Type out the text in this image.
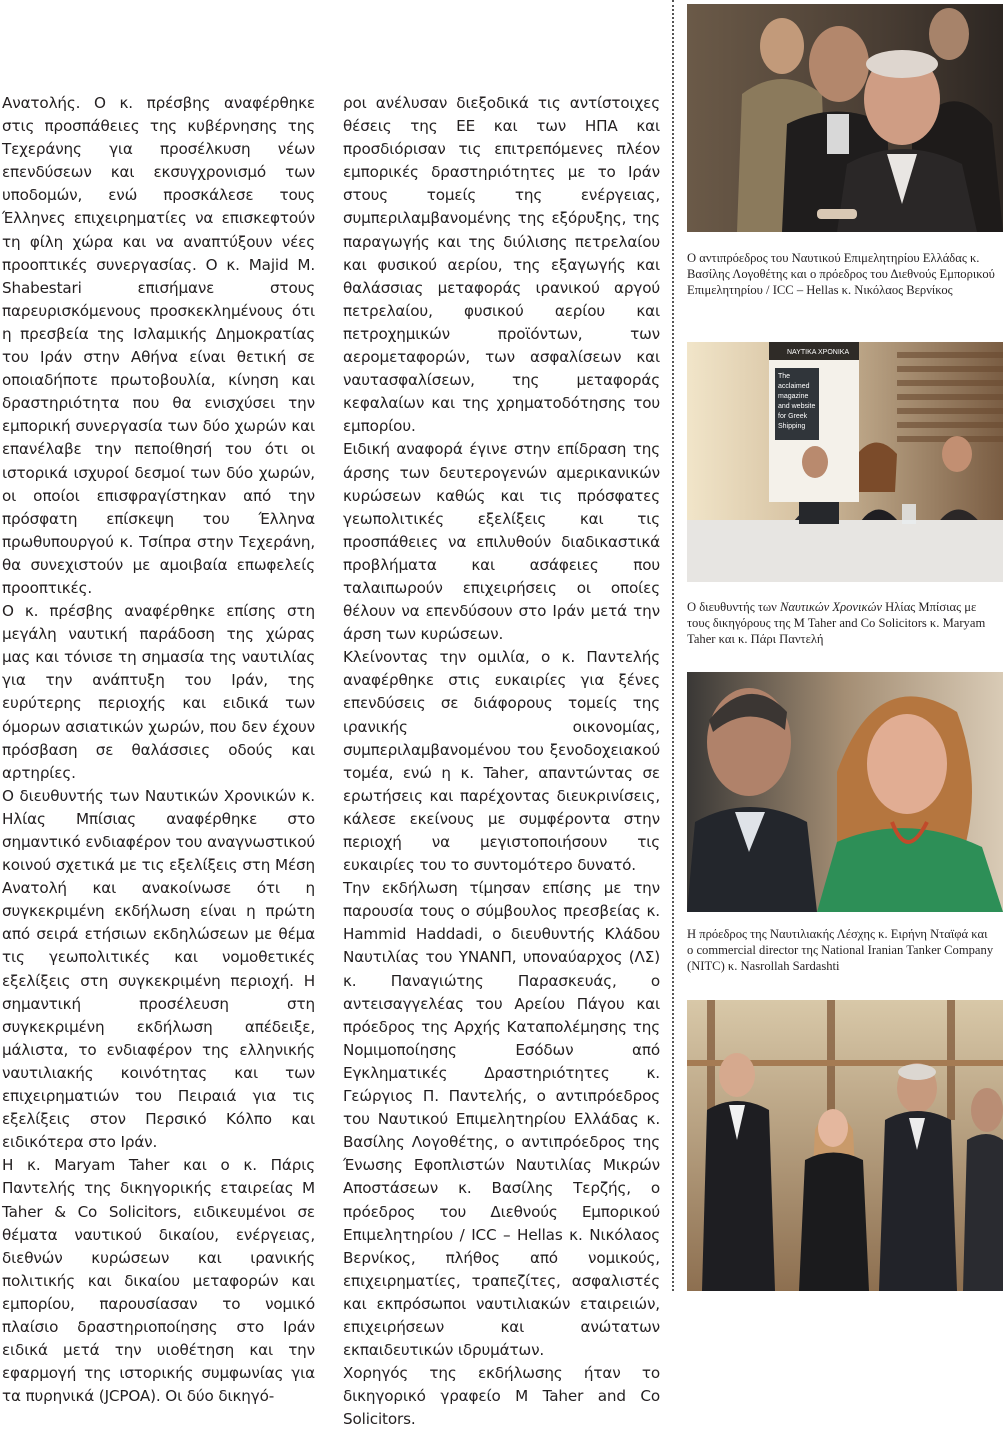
Ανατολής. Ο κ. πρέσβης αναφέρθηκε στις προσπάθειες της κυβέρνησης της Τεχεράνης για προσέλκυση νέων επενδύσεων και εκσυγχρονισμό των υποδομών, ενώ προσκάλεσε τους Έλληνες επιχειρηματίες να επισκεφτούν τη φίλη χώρα και να αναπτύξουν νέες προοπτικές συνεργασίας. Ο κ. Majid M. Shabestari επισήμανε στους παρευρισκόμενους προσκεκλημένους ότι η πρεσβεία της Ισλαμικής Δημοκρατίας του Ιράν στην Αθήνα είναι θετική σε οποιαδήποτε πρωτοβουλία, κίνηση και δραστηριότητα που θα ενισχύσει την εμπορική συνεργασία των δύο χωρών και επανέλαβε την πεποίθησή του ότι οι ιστορικά ισχυροί δεσμοί των δύο χωρών, οι οποίοι επισφραγίστηκαν από την πρόσφατη επίσκεψη του Έλληνα πρωθυπουργού κ. Τσίπρα στην Τεχεράνη, θα συνεχιστούν με αμοιβαία επωφελείς προοπτικές.

Ο κ. πρέσβης αναφέρθηκε επίσης στη μεγάλη ναυτική παράδοση της χώρας μας και τόνισε τη σημασία της ναυτιλίας για την ανάπτυξη του Ιράν, της ευρύτερης περιοχής και ειδικά των όμορων ασιατικών χωρών, που δεν έχουν πρόσβαση σε θαλάσσιες οδούς και αρτηρίες.

Ο διευθυντής των Ναυτικών Χρονικών κ. Ηλίας Μπίσιας αναφέρθηκε στο σημαντικό ενδιαφέρον του αναγνωστικού κοινού σχετικά με τις εξελίξεις στη Μέση Ανατολή και ανακοίνωσε ότι η συγκεκριμένη εκδήλωση είναι η πρώτη από σειρά ετήσιων εκδηλώσεων με θέμα τις γεωπολιτικές και νομοθετικές εξελίξεις στη συγκεκριμένη περιοχή. Η σημαντική προσέλευση στη συγκεκριμένη εκδήλωση απέδειξε, μάλιστα, το ενδιαφέρον της ελληνικής ναυτιλιακής κοινότητας και των επιχειρηματιών του Πειραιά για τις εξελίξεις στον Περσικό Κόλπο και ειδικότερα στο Ιράν.

Η κ. Maryam Taher και ο κ. Πάρις Παντελής της δικηγορικής εταιρείας M Taher & Co Solicitors, ειδικευμένοι σε θέματα ναυτικού δικαίου, ενέργειας, διεθνών κυρώσεων και ιρανικής πολιτικής και δικαίου μεταφορών και εμπορίου, παρουσίασαν το νομικό πλαίσιο δραστηριοποίησης στο Ιράν ειδικά μετά την υιοθέτηση και την εφαρμογή της ιστορικής συμφωνίας για τα πυρηνικά (JCPOA). Οι δύο δικηγό-

ροι ανέλυσαν διεξοδικά τις αντίστοιχες θέσεις της ΕΕ και των ΗΠΑ και προσδιόρισαν τις επιτρεπόμενες πλέον εμπορικές δραστηριότητες με το Ιράν στους τομείς της ενέργειας, συμπεριλαμβανομένης της εξόρυξης, της παραγωγής και της διύλισης πετρελαίου και φυσικού αερίου, της εξαγωγής και θαλάσσιας μεταφοράς ιρανικού αργού πετρελαίου, φυσικού αερίου και πετροχημικών προϊόντων, των αερομεταφορών, των ασφαλίσεων και ναυτασφαλίσεων, της μεταφοράς κεφαλαίων και της χρηματοδότησης του εμπορίου.

Ειδική αναφορά έγινε στην επίδραση της άρσης των δευτερογενών αμερικανικών κυρώσεων καθώς και τις πρόσφατες γεωπολιτικές εξελίξεις και τις προσπάθειες να επιλυθούν διαδικαστικά προβλήματα και ασάφειες που ταλαιπωρούν επιχειρήσεις οι οποίες θέλουν να επενδύσουν στο Ιράν μετά την άρση των κυρώσεων.

Κλείνοντας την ομιλία, ο κ. Παντελής αναφέρθηκε στις ευκαιρίες για ξένες επενδύσεις σε διάφορους τομείς της ιρανικής οικονομίας, συμπεριλαμβανομένου του ξενοδοχειακού τομέα, ενώ η κ. Taher, απαντώντας σε ερωτήσεις και παρέχοντας διευκρινίσεις, κάλεσε εκείνους με συμφέροντα στην περιοχή να μεγιστοποιήσουν τις ευκαιρίες του το συντομότερο δυνατό.

Την εκδήλωση τίμησαν επίσης με την παρουσία τους ο σύμβουλος πρεσβείας κ. Hammid Haddadi, ο διευθυντής Κλάδου Ναυτιλίας του ΥΝΑΝΠ, υποναύαρχος (ΛΣ) κ. Παναγιώτης Παρασκευάς, ο αντεισαγγελέας του Αρείου Πάγου και πρόεδρος της Αρχής Καταπολέμησης της Νομιμοποίησης Εσόδων από Εγκληματικές Δραστηριότητες κ. Γεώργιος Π. Παντελής, ο αντιπρόεδρος του Ναυτικού Επιμελητηρίου Ελλάδας κ. Βασίλης Λογοθέτης, ο αντιπρόεδρος της Ένωσης Εφοπλιστών Ναυτιλίας Μικρών Αποστάσεων κ. Βασίλης Τερζής, ο πρόεδρος του Διεθνούς Εμπορικού Επιμελητηρίου / ICC – Hellas κ. Νικόλαος Βερνίκος, πλήθος από νομικούς, επιχειρηματίες, τραπεζίτες, ασφαλιστές και εκπρόσωποι ναυτιλιακών εταιρειών, επιχειρήσεων και ανώτατων εκπαιδευτικών ιδρυμάτων.

Χορηγός της εκδήλωσης ήταν το δικηγορικό γραφείο M Taher and Co Solicitors.

Ο αντιπρόεδρος του Ναυτικού Επιμελητηρίου Ελλάδας κ. Βασίλης Λογοθέτης και ο πρόεδρος του Διεθνούς Εμπορικού Επιμελητηρίου / ICC – Hellas κ. Νικόλαος Βερνίκος
ΝΑΥΤΙΚΑ ΧΡΟΝΙΚΑ
The acclaimed magazine and website for Greek Shipping
Ο διευθυντής των Ναυτικών Χρονικών Ηλίας Μπίσιας με τους δικηγόρους της M Taher and Co Solicitors κ. Maryam Taher και κ. Πάρι Παντελή
Η πρόεδρος της Ναυτιλιακής Λέσχης κ. Ειρήνη Νταϊφά και ο commercial director της National Iranian Tanker Company (NITC) κ. Nasrollah Sardashti
